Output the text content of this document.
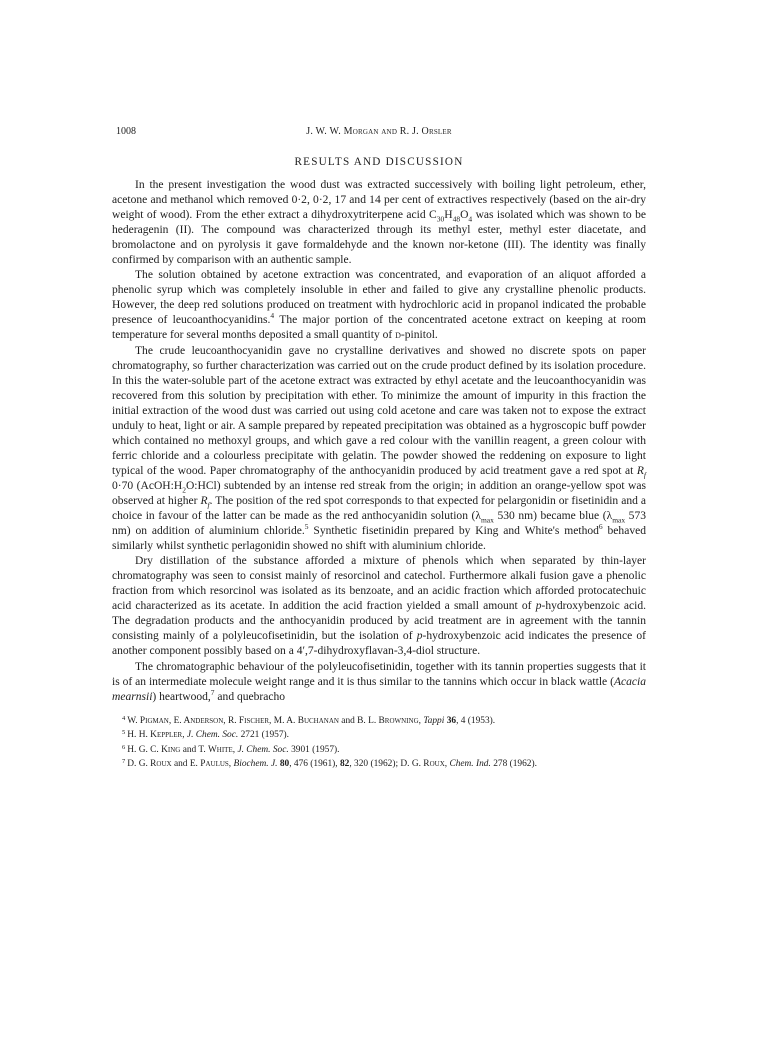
1008	J. W. W. Morgan and R. J. Orsler
RESULTS AND DISCUSSION

In the present investigation the wood dust was extracted successively with boiling light petroleum, ether, acetone and methanol which removed 0·2, 0·2, 17 and 14 per cent of extractives respectively (based on the air-dry weight of wood). From the ether extract a dihydroxytriterpene acid $C_{30}H_{48}O_4$ was isolated which was shown to be hederagenin (II). The compound was characterized through its methyl ester, methyl ester diacetate, and bromolactone and on pyrolysis it gave formaldehyde and the known nor-ketone (III). The identity was finally confirmed by comparison with an authentic sample.

The solution obtained by acetone extraction was concentrated, and evaporation of an aliquot afforded a phenolic syrup which was completely insoluble in ether and failed to give any crystalline phenolic products. However, the deep red solutions produced on treatment with hydrochloric acid in propanol indicated the probable presence of leucoanthocyanidins.$^4$ The major portion of the concentrated acetone extract on keeping at room temperature for several months deposited a small quantity of d-pinitol.

The crude leucoanthocyanidin gave no crystalline derivatives and showed no discrete spots on paper chromatography, so further characterization was carried out on the crude product defined by its isolation procedure. In this the water-soluble part of the acetone extract was extracted by ethyl acetate and the leucoanthocyanidin was recovered from this solution by precipitation with ether. To minimize the amount of impurity in this fraction the initial extraction of the wood dust was carried out using cold acetone and care was taken not to expose the extract unduly to heat, light or air. A sample prepared by repeated precipitation was obtained as a hygroscopic buff powder which contained no methoxyl groups, and which gave a red colour with the vanillin reagent, a green colour with ferric chloride and a colourless precipitate with gelatin. The powder showed the reddening on exposure to light typical of the wood. Paper chromatography of the anthocyanidin produced by acid treatment gave a red spot at $R_f$ 0·70 $(AcOH:H_2O:HCl)$ subtended by an intense red streak from the origin; in addition an orange-yellow spot was observed at higher $R_f$. The position of the red spot corresponds to that expected for pelargonidin or fisetinidin and a choice in favour of the latter can be made as the red anthocyanidin solution ($\lambda_{max}$ 530 nm) became blue ($\lambda_{max}$ 573 nm) on addition of aluminium chloride.$^5$ Synthetic fisetinidin prepared by King and White's method$^6$ behaved similarly whilst synthetic perlagonidin showed no shift with aluminium chloride.

Dry distillation of the substance afforded a mixture of phenols which when separated by thin-layer chromatography was seen to consist mainly of resorcinol and catechol. Furthermore alkali fusion gave a phenolic fraction from which resorcinol was isolated as its benzoate, and an acidic fraction which afforded protocatechuic acid characterized as its acetate. In addition the acid fraction yielded a small amount of p-hydroxybenzoic acid. The degradation products and the anthocyanidin produced by acid treatment are in agreement with the tannin consisting mainly of a polyleucofisetinidin, but the isolation of p-hydroxybenzoic acid indicates the presence of another component possibly based on a 4′,7-dihydroxyflavan-3,4-diol structure.

The chromatographic behaviour of the polyleucofisetinidin, together with its tannin properties suggests that it is of an intermediate molecule weight range and it is thus similar to the tannins which occur in black wattle (Acacia mearnsii) heartwood,$^7$ and quebracho

$^4$ W. Pigman, E. Anderson, R. Fischer, M. A. Buchanan and B. L. Browning, Tappi 36, 4 (1953).
$^5$ H. H. Keppler, J. Chem. Soc. 2721 (1957).
$^6$ H. G. C. King and T. White, J. Chem. Soc. 3901 (1957).
$^7$ D. G. Roux and E. Paulus, Biochem. J. 80, 476 (1961), 82, 320 (1962); D. G. Roux, Chem. Ind. 278 (1962).
